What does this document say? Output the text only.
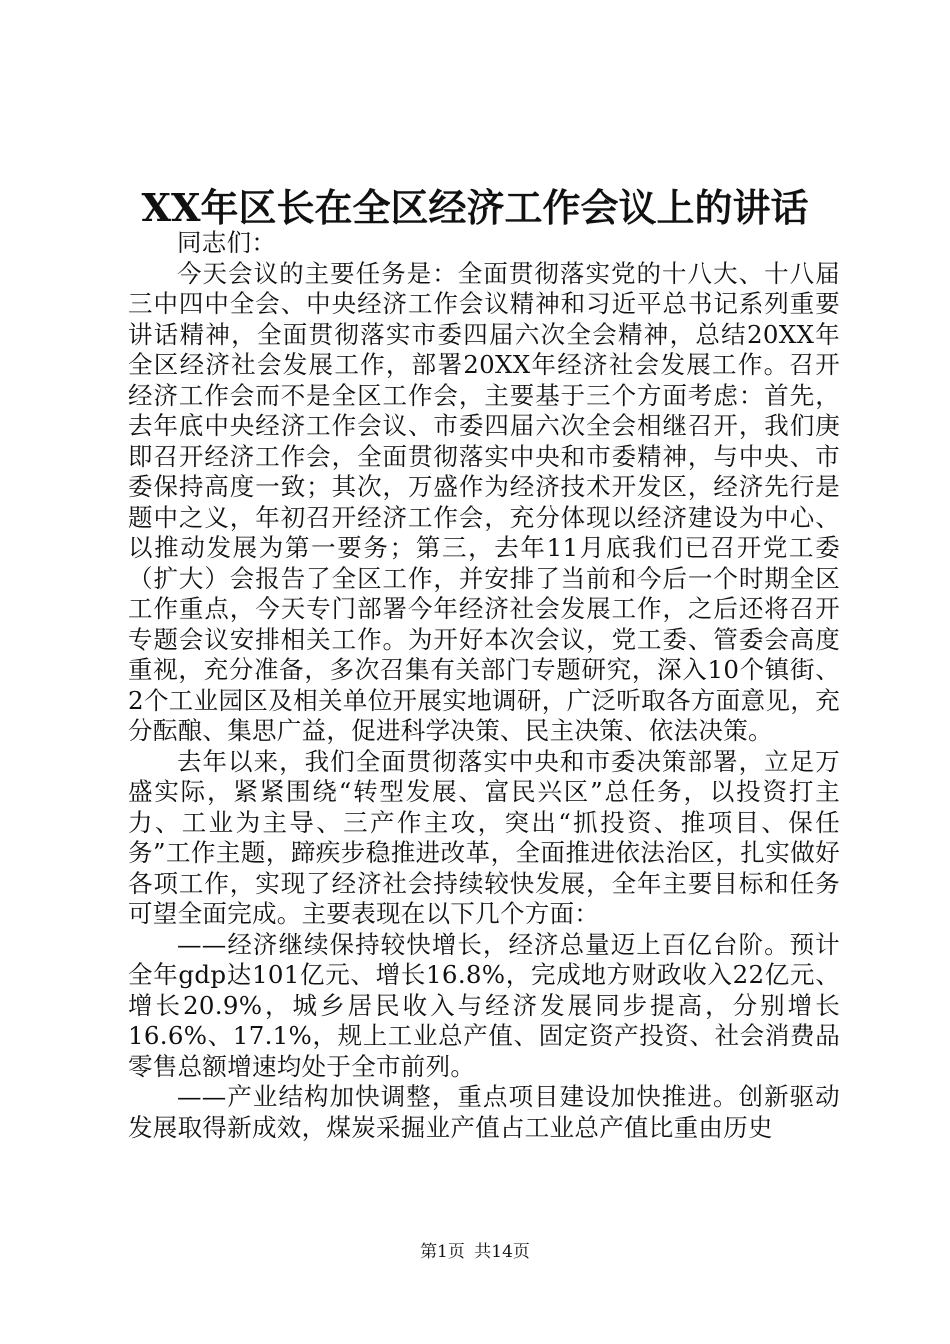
XX年区长在全区经济工作会议上的讲话

同志们：

今天会议的主要任务是：全面贯彻落实党的十八大、十八届三中四中全会、中央经济工作会议精神和习近平总书记系列重要讲话精神，全面贯彻落实市委四届六次全会精神，总结20XX年全区经济社会发展工作，部署20XX年经济社会发展工作。召开经济工作会而不是全区工作会，主要基于三个方面考虑：首先，去年底中央经济工作会议、市委四届六次全会相继召开，我们庚即召开经济工作会，全面贯彻落实中央和市委精神，与中央、市委保持高度一致；其次，万盛作为经济技术开发区，经济先行是题中之义，年初召开经济工作会，充分体现以经济建设为中心、以推动发展为第一要务；第三，去年11月底我们已召开党工委（扩大）会报告了全区工作，并安排了当前和今后一个时期全区工作重点，今天专门部署今年经济社会发展工作，之后还将召开专题会议安排相关工作。为开好本次会议，党工委、管委会高度重视，充分准备，多次召集有关部门专题研究，深入10个镇街、2个工业园区及相关单位开展实地调研，广泛听取各方面意见，充分酝酿、集思广益，促进科学决策、民主决策、依法决策。

去年以来，我们全面贯彻落实中央和市委决策部署，立足万盛实际，紧紧围绕“转型发展、富民兴区”总任务，以投资打主力、工业为主导、三产作主攻，突出“抓投资、推项目、保任务”工作主题，蹄疾步稳推进改革，全面推进依法治区，扎实做好各项工作，实现了经济社会持续较快发展，全年主要目标和任务可望全面完成。主要表现在以下几个方面：

——经济继续保持较快增长，经济总量迈上百亿台阶。预计全年gdp达101亿元、增长16.8%，完成地方财政收入22亿元、增长20.9%，城乡居民收入与经济发展同步提高，分别增长16.6%、17.1%，规上工业总产值、固定资产投资、社会消费品零售总额增速均处于全市前列。

——产业结构加快调整，重点项目建设加快推进。创新驱动发展取得新成效，煤炭采掘业产值占工业总产值比重由历史

第1页 共14页
